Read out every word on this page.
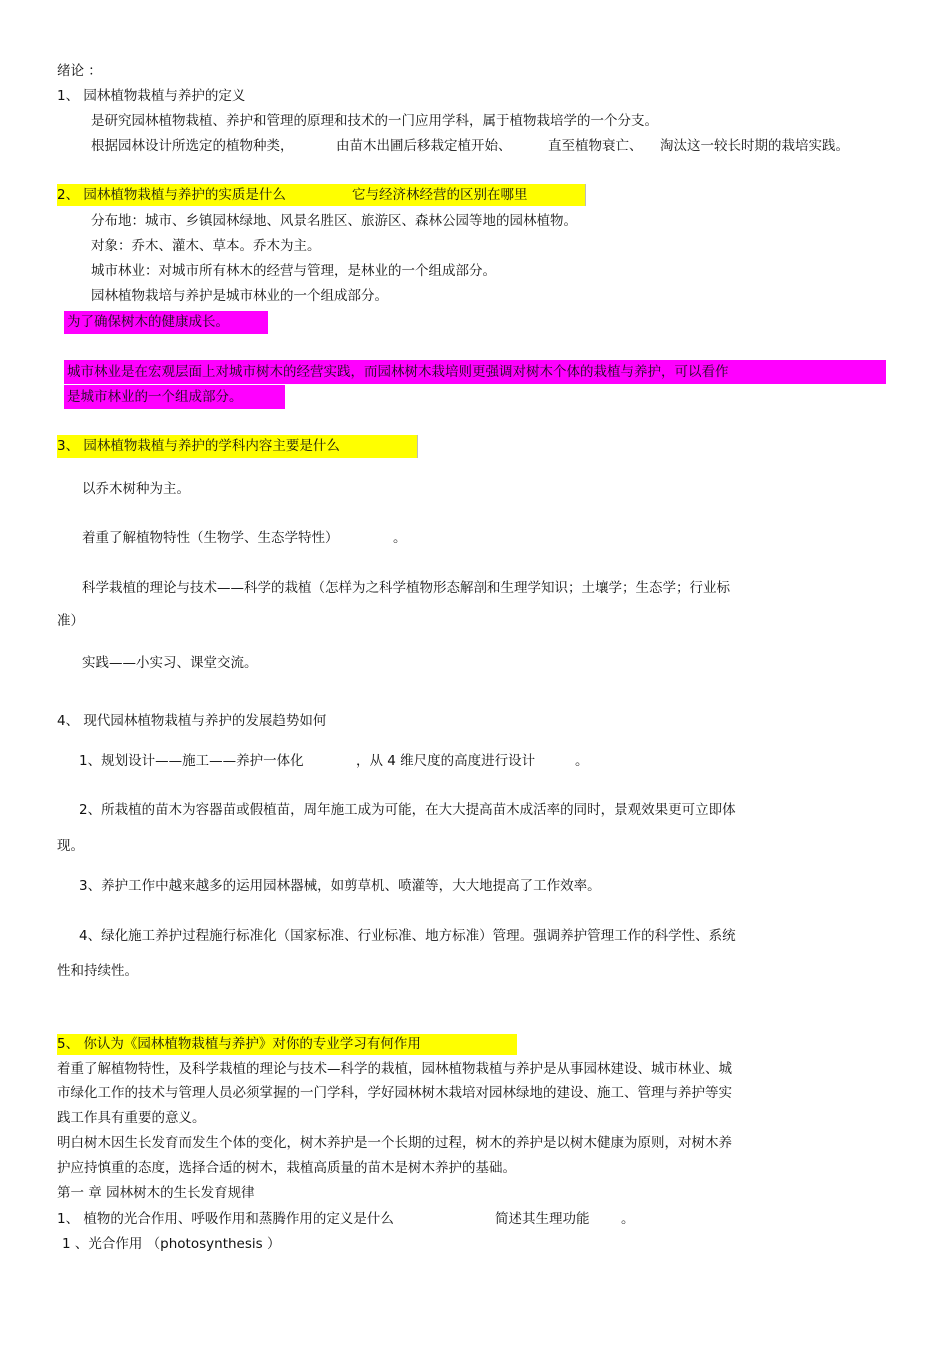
绪论 ：

1、 园林植物栽植与养护的定义

是研究园林植物栽植、养护和管理的原理和技术的一门应用学科，属于植物栽培学的一个分支。

根据园林设计所选定的植物种类，	由苗木出圃后移栽定植开始、	直至植物衰亡、 淘汰这一较长时期的栽培实践。

2、 园林植物栽植与养护的实质是什么	它与经济林经营的区别在哪里

分布地：城市、乡镇园林绿地、风景名胜区、旅游区、森林公园等地的园林植物。

对象：乔木、灌木、草本。乔木为主。

城市林业：对城市所有林木的经营与管理，是林业的一个组成部分。

园林植物栽培与养护是城市林业的一个组成部分。

为了确保树木的健康成长。

城市林业是在宏观层面上对城市树木的经营实践，而园林树木栽培则更强调对树木个体的栽植与养护，可以看作

是城市林业的一个组成部分。

3、 园林植物栽植与养护的学科内容主要是什么

以乔木树种为主。

着重了解植物特性（生物学、生态学特性）	。

科学栽植的理论与技术——科学的栽植（怎样为之科学植物形态解剖和生理学知识；土壤学；生态学；行业标

准）

实践——小实习、课堂交流。

4、 现代园林植物栽植与养护的发展趋势如何

1、规划设计——施工——养护一体化	，从 4 维尺度的高度进行设计	。

2、所栽植的苗木为容器苗或假植苗，周年施工成为可能，在大大提高苗木成活率的同时，景观效果更可立即体

现。

3、养护工作中越来越多的运用园林器械，如剪草机、喷灌等，大大地提高了工作效率。

4、绿化施工养护过程施行标准化（国家标准、行业标准、地方标准）管理。强调养护管理工作的科学性、系统

性和持续性。

5、 你认为《园林植物栽植与养护》对你的专业学习有何作用

着重了解植物特性，及科学栽植的理论与技术—科学的栽植，园林植物栽植与养护是从事园林建设、城市林业、城

市绿化工作的技术与管理人员必须掌握的一门学科，学好园林树木栽培对园林绿地的建设、施工、管理与养护等实

践工作具有重要的意义。

明白树木因生长发育而发生个体的变化，树木养护是一个长期的过程，树木的养护是以树木健康为原则，对树木养

护应持慎重的态度，选择合适的树木，栽植高质量的苗木是树木养护的基础。

第一 章 园林树木的生长发育规律

1、 植物的光合作用、呼吸作用和蒸腾作用的定义是什么	简述其生理功能 。

1 、光合作用 （photosynthesis ）
